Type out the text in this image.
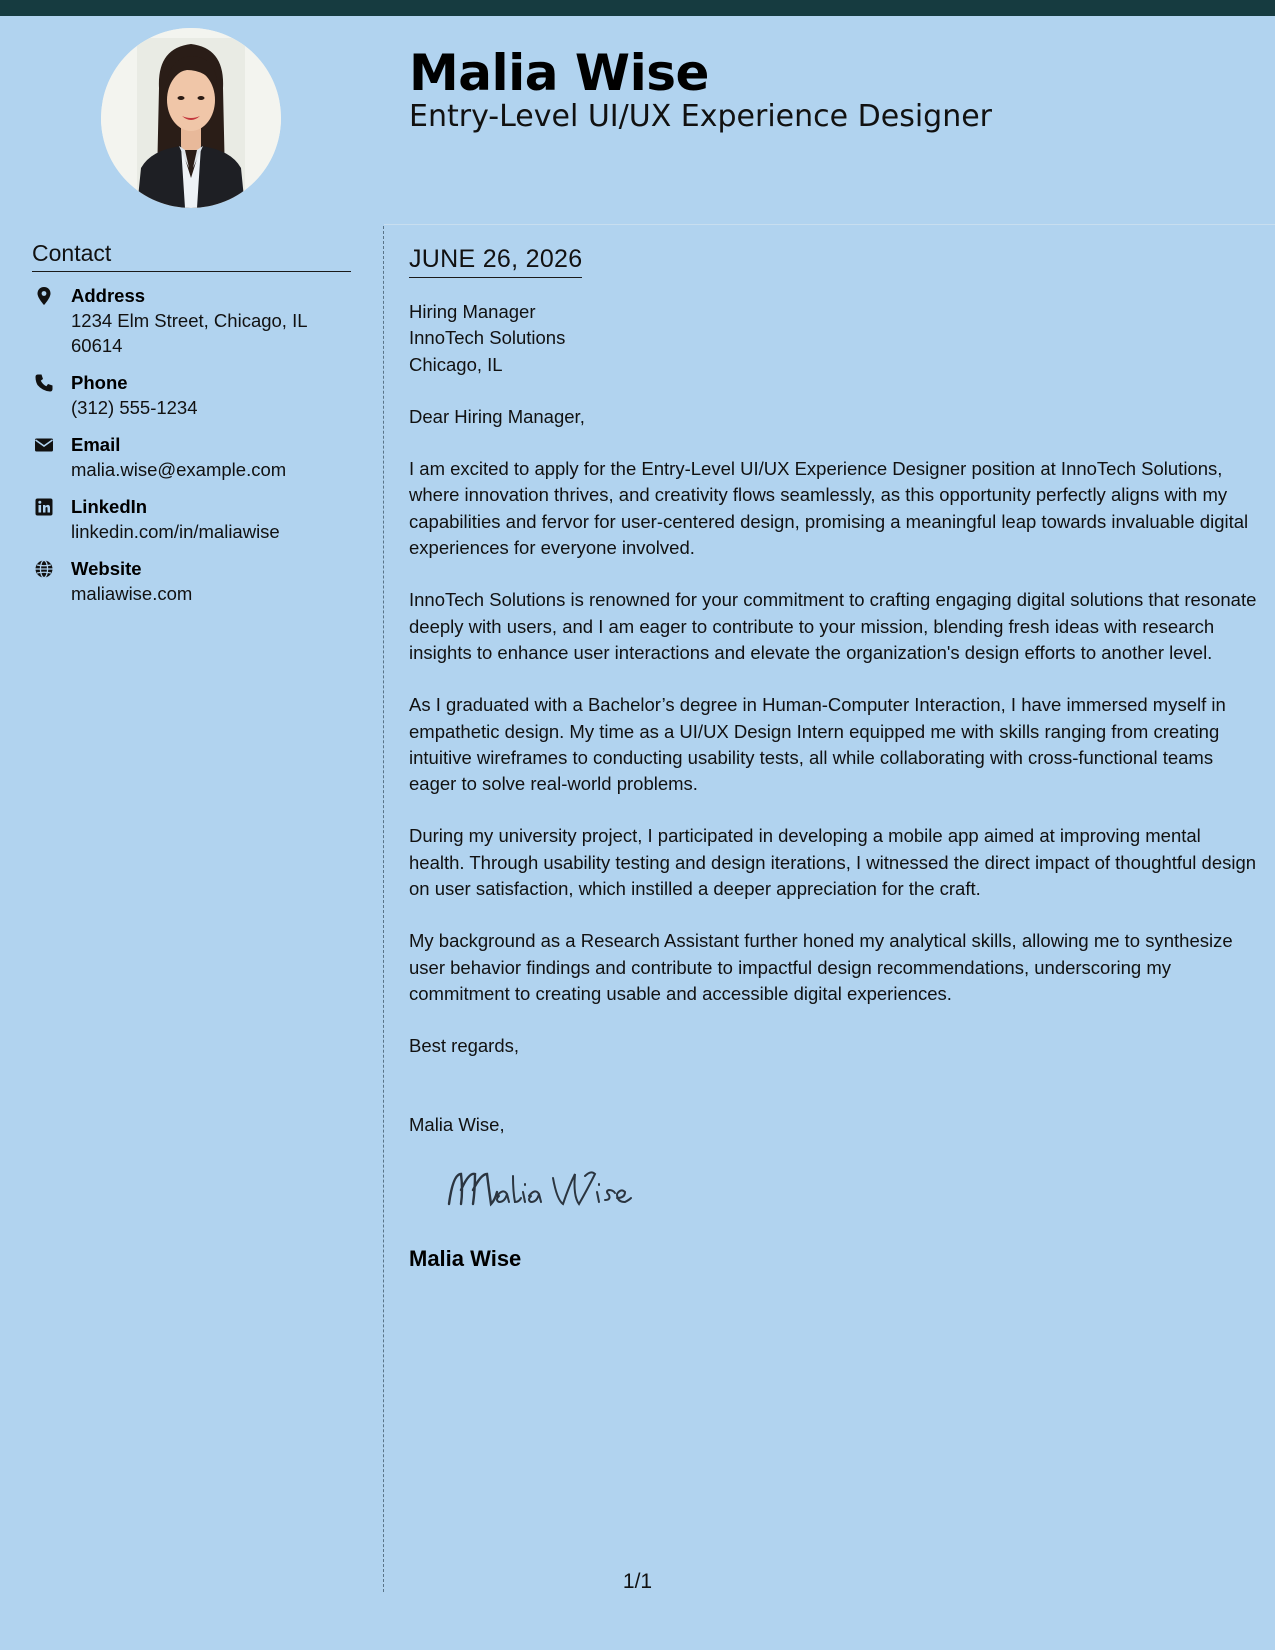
Malia Wise
Entry-Level UI/UX Experience Designer
Contact
Address
1234 Elm Street, Chicago, IL 60614
Phone
(312) 555-1234
Email
malia.wise@example.com
LinkedIn
linkedin.com/in/maliawise
Website
maliawise.com
JUNE 26, 2026
Hiring Manager
InnoTech Solutions
Chicago, IL
Dear Hiring Manager,
I am excited to apply for the Entry-Level UI/UX Experience Designer position at InnoTech Solutions, where innovation thrives, and creativity flows seamlessly, as this opportunity perfectly aligns with my capabilities and fervor for user-centered design, promising a meaningful leap towards invaluable digital experiences for everyone involved.
InnoTech Solutions is renowned for your commitment to crafting engaging digital solutions that resonate deeply with users, and I am eager to contribute to your mission, blending fresh ideas with research insights to enhance user interactions and elevate the organization's design efforts to another level.
As I graduated with a Bachelor’s degree in Human-Computer Interaction, I have immersed myself in empathetic design. My time as a UI/UX Design Intern equipped me with skills ranging from creating intuitive wireframes to conducting usability tests, all while collaborating with cross-functional teams eager to solve real-world problems.
During my university project, I participated in developing a mobile app aimed at improving mental health. Through usability testing and design iterations, I witnessed the direct impact of thoughtful design on user satisfaction, which instilled a deeper appreciation for the craft.
My background as a Research Assistant further honed my analytical skills, allowing me to synthesize user behavior findings and contribute to impactful design recommendations, underscoring my commitment to creating usable and accessible digital experiences.
Best regards,
Malia Wise,
Malia Wise
1/1
